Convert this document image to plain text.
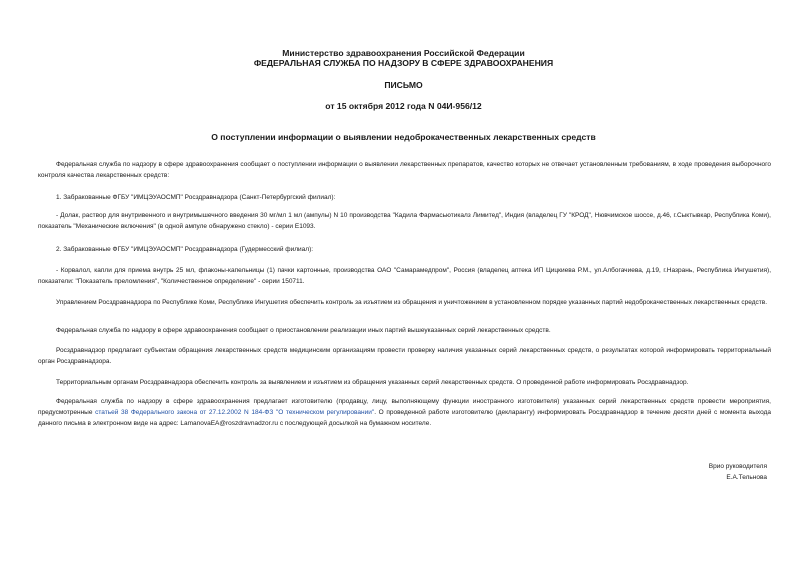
Министерство здравоохранения Российской Федерации
ФЕДЕРАЛЬНАЯ СЛУЖБА ПО НАДЗОРУ В СФЕРЕ ЗДРАВООХРАНЕНИЯ
ПИСЬМО
от 15 октября 2012 года N 04И-956/12
О поступлении информации о выявлении недоброкачественных лекарственных средств
Федеральная служба по надзору в сфере здравоохранения сообщает о поступлении информации о выявлении лекарственных препаратов, качество которых не отвечает установленным требованиям, в ходе проведения выборочного контроля качества лекарственных средств:
1. Забракованные ФГБУ "ИМЦЭУАОСМП" Росздравнадзора (Санкт-Петербургский филиал):
- Долак, раствор для внутривенного и внутримышечного введения 30 мг/мл 1 мл (ампулы) N 10 производства "Кадила Фармасьютикалз Лимитед", Индия (владелец ГУ "КРОД", Нювчимское шоссе, д.46, г.Сыктывкар, Республика Коми), показатель "Механические включения" (в одной ампуле обнаружено стекло) - серии Е1093.
2. Забракованные ФГБУ "ИМЦЭУАОСМП" Росздравнадзора (Гудермесский филиал):
- Корвалол, капли для приема внутрь 25 мл, флаконы-капельницы (1) пачки картонные, производства ОАО "Самарамедпром", Россия (владелец аптека ИП Цицкиева Р.М., ул.Албогачиева, д.19, г.Назрань, Республика Ингушетия), показатели: "Показатель преломления", "Количественное определение" - серии 150711.
Управлением Росздравнадзора по Республике Коми, Республике Ингушетия обеспечить контроль за изъятием из обращения и уничтожением в установленном порядке указанных партий недоброкачественных лекарственных средств.
Федеральная служба по надзору в сфере здравоохранения сообщает о приостановлении реализации иных партий вышеуказанных серий лекарственных средств.
Росздравнадзор предлагает субъектам обращения лекарственных средств медицинским организациям провести проверку наличия указанных серий лекарственных средств, о результатах которой информировать территориальный орган Росздравнадзора.
Территориальным органам Росздравнадзора обеспечить контроль за выявлением и изъятием из обращения указанных серий лекарственных средств. О проведенной работе информировать Росздравнадзор.
Федеральная служба по надзору в сфере здравоохранения предлагает изготовителю (продавцу, лицу, выполняющему функции иностранного изготовителя) указанных серий лекарственных средств провести мероприятия, предусмотренные статьей 38 Федерального закона от 27.12.2002 N 184-ФЗ "О техническом регулировании". О проведенной работе изготовителю (декларанту) информировать Росздравнадзор в течение десяти дней с момента выхода данного письма в электронном виде на адрес: LamanovaEA@roszdravnadzor.ru с последующей досылкой на бумажном носителе.
Врио руководителя
Е.А.Тельнова
